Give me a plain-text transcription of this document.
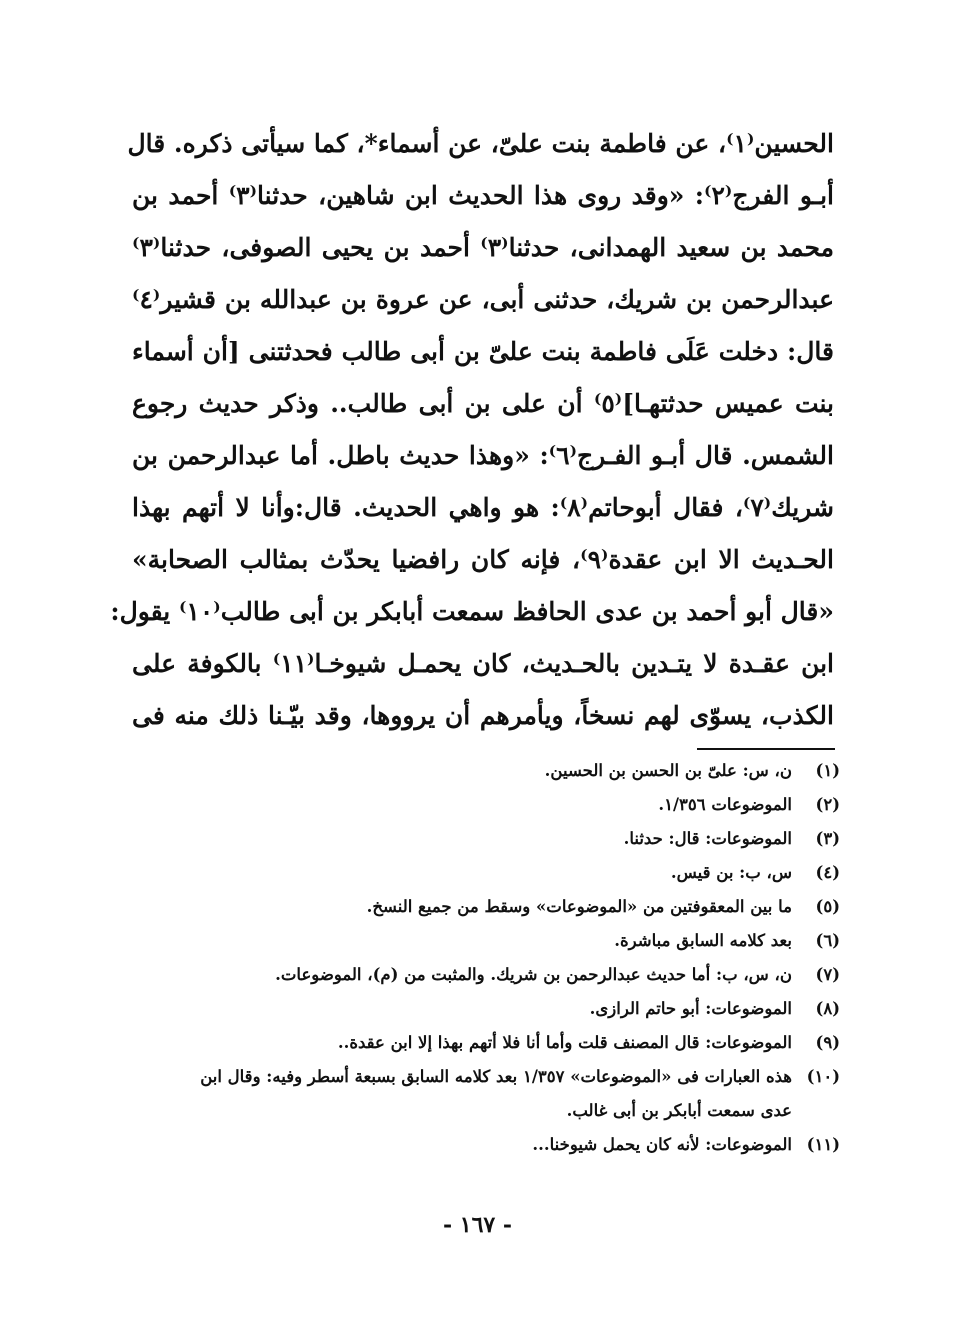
الحسين⁽١⁾، عن فاطمة بنت علىّ، عن أسماء*، كما سيأتى ذكره. قال
أبـو الفرج⁽٢⁾: «وقد روى هذا الحديث ابن شاهين، حدثنا⁽٣⁾ أحمد بن
محمد بن سعيد الهمدانى، حدثنا⁽٣⁾ أحمد بن يحيى الصوفى، حدثنا⁽٣⁾
عبدالرحمن بن شريك، حدثنى أبى، عن عروة بن عبدالله بن قشير⁽٤⁾
قال: دخلت عَلَى فاطمة بنت علىّ بن أبى طالب فحدثتنى [أن أسماء
بنت عميس حدثتهـا]⁽٥⁾ أن على بن أبى طالب.. وذكر حديث رجوع
الشمس. قال أبـو الفـرج⁽٦⁾: «وهذا حديث باطل. أما عبدالرحمن بن
شريك⁽٧⁾، فقال أبوحاتم⁽٨⁾: هو واهي الحديث. قال:وأنا لا أتهم بهذا
الحـديث الا ابن عقدة⁽٩⁾، فإنه كان رافضيا يحدّث بمثالب الصحابة»
«قال أبو أحمد بن عدى الحافظ سمعت أبابكر بن أبى طالب⁽١٠⁾ يقول:
ابن عقـدة لا يتـدين بالحـديث، كان يحمـل شيوخـا⁽١١⁾ بالكوفة على
الكذب، يسوّى لهم نسخاً، ويأمرهم أن يرووها، وقد بيّـنا ذلك منه فى
(١)
ن، س: علىّ بن الحسن بن الحسين.
(٢)
الموضوعات ١/٣٥٦.
(٣)
الموضوعات: قال: حدثنا.
(٤)
س، ب: بن قيس.
(٥)
ما بين المعقوفتين من «الموضوعات» وسقط من جميع النسخ.
(٦)
بعد كلامه السابق مباشرة.
(٧)
ن، س، ب: أما حديث عبدالرحمن بن شريك. والمثبت من (م)، الموضوعات.
(٨)
الموضوعات: أبو حاتم الرازى.
(٩)
الموضوعات: قال المصنف قلت وأما أنا فلا أتهم بهذا إلا ابن عقدة..
(١٠)
هذه العبارات فى «الموضوعات» ١/٣٥٧ بعد كلامه السابق بسبعة أسطر وفيه: وقال ابن
عدى سمعت أبابكر بن أبى غالب.
(١١)
الموضوعات: لأنه كان يحمل شيوخنا...
- ١٦٧ -
